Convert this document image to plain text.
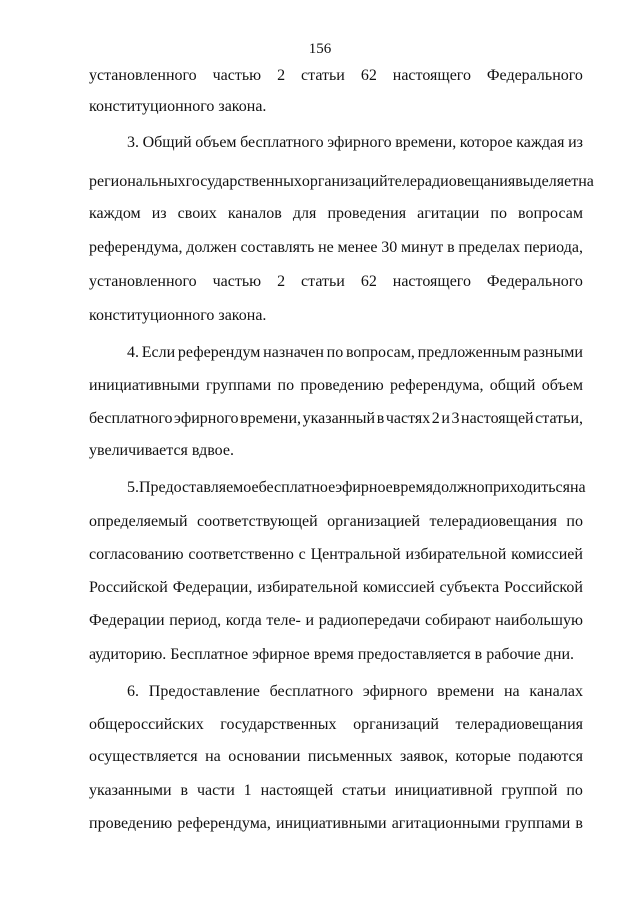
156
установленного частью 2 статьи 62 настоящего Федерального
конституционного закона.
3. Общий объем бесплатного эфирного времени, которое каждая из
региональных государственных организаций телерадиовещания выделяет на
каждом из своих каналов для проведения агитации по вопросам
референдума, должен составлять не менее 30 минут в пределах периода,
установленного частью 2 статьи 62 настоящего Федерального
конституционного закона.
4. Если референдум назначен по вопросам, предложенным разными
инициативными группами по проведению референдума, общий объем
бесплатного эфирного времени, указанный в частях 2 и 3 настоящей статьи,
увеличивается вдвое.
5. Предоставляемое бесплатное эфирное время должно приходиться на
определяемый соответствующей организацией телерадиовещания по
согласованию соответственно с Центральной избирательной комиссией
Российской Федерации, избирательной комиссией субъекта Российской
Федерации период, когда теле- и радиопередачи собирают наибольшую
аудиторию. Бесплатное эфирное время предоставляется в рабочие дни.
6. Предоставление бесплатного эфирного времени на каналах
общероссийских государственных организаций телерадиовещания
осуществляется на основании письменных заявок, которые подаются
указанными в части 1 настоящей статьи инициативной группой по
проведению референдума, инициативными агитационными группами в
